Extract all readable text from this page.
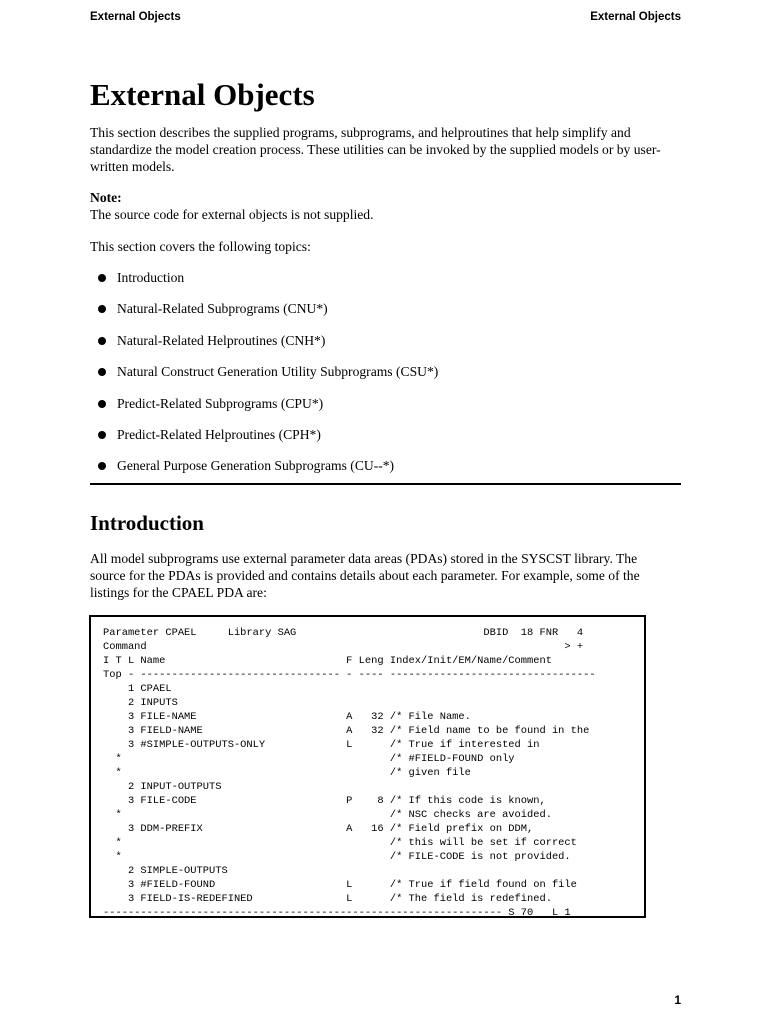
External Objects	External Objects
External Objects

This section describes the supplied programs, subprograms, and helproutines that help simplify and standardize the model creation process. These utilities can be invoked by the supplied models or by user-written models.

Note:
The source code for external objects is not supplied.

This section covers the following topics:

Introduction
Natural-Related Subprograms (CNU*)
Natural-Related Helproutines (CNH*)
Natural Construct Generation Utility Subprograms (CSU*)
Predict-Related Subprograms (CPU*)
Predict-Related Helproutines (CPH*)
General Purpose Generation Subprograms (CU--*)
Introduction

All model subprograms use external parameter data areas (PDAs) stored in the SYSCST library. The source for the PDAs is provided and contains details about each parameter. For example, some of the listings for the CPAEL PDA are:

Parameter CPAEL     Library SAG                              DBID  18 FNR   4
Command                                                                   > +
I T L Name                             F Leng Index/Init/EM/Name/Comment
Top - -------------------------------- - ---- ---------------------------------
1 CPAEL
2 INPUTS
3 FILE-NAME                        A   32 /* File Name.
3 FIELD-NAME                       A   32 /* Field name to be found in the
3 #SIMPLE-OUTPUTS-ONLY             L      /* True if interested in
*                                           /* #FIELD-FOUND only
*                                           /* given file
2 INPUT-OUTPUTS
3 FILE-CODE                        P    8 /* If this code is known,
*                                           /* NSC checks are avoided.
3 DDM-PREFIX                       A   16 /* Field prefix on DDM,
*                                           /* this will be set if correct
*                                           /* FILE-CODE is not provided.
2 SIMPLE-OUTPUTS
3 #FIELD-FOUND                     L      /* True if field found on file
3 FIELD-IS-REDEFINED               L      /* The field is redefined.
---------------------------------------------------------------- S 70   L 1
1
